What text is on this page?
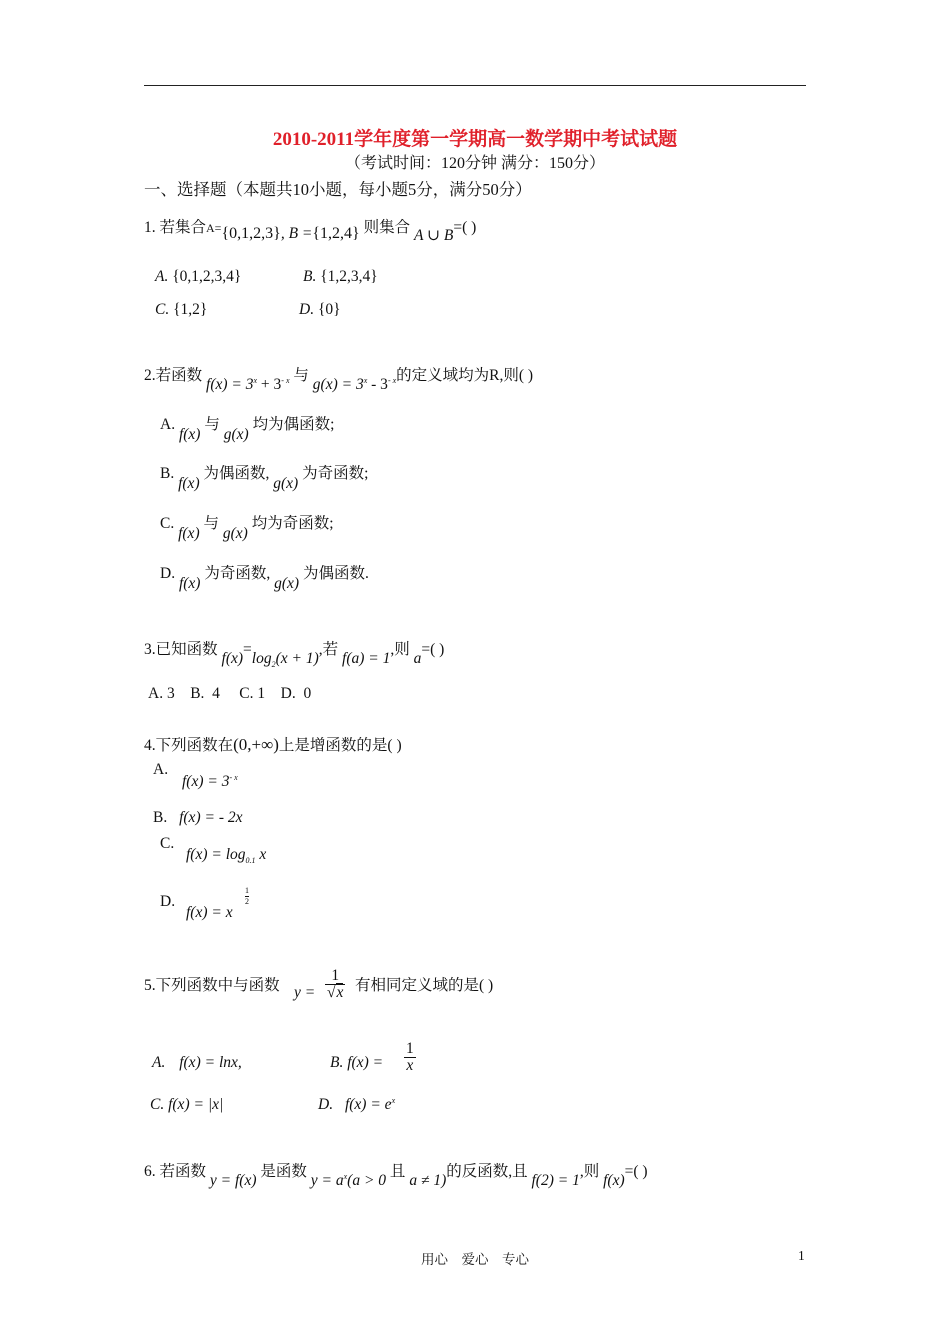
2010-2011学年度第一学期高一数学期中考试试题
（考试时间：120分钟 满分：150分）
一、选择题（本题共10小题，每小题5分，满分50分）
1. 若集合A={0,1,2,3}, B ={1,2,4} 则集合 A ∪ B=( )
A. {0,1,2,3,4}	B. {1,2,3,4}
C. {1,2}	D. {0}
2.若函数 $f(x) = 3^x + 3^{- x}$ 与 $g(x) = 3^x - 3^{- x}$的定义域均为R,则( )
A. f(x) 与 g(x) 均为偶函数;
B. f(x) 为偶函数, g(x) 为奇函数;
C. f(x) 与 g(x) 均为奇函数;
D. f(x) 为奇函数, g(x) 为偶函数.
3.已知函数 $f(x)=\log_2(x + 1)$,若 f(a) = 1,则 a=( )
A. 3    B.  4     C. 1    D.  0
4.下列函数在(0,+∞)上是增函数的是( )
A.
$f(x) = 3^{- x}$
B. f(x) = - 2x
C.
$f(x) = \log_{0.1} x$
D.
f(x) = x
$\frac{1}{2}$
5.下列函数中与函数 $y = \frac{1}{√x}$ 有相同定义域的是( )
A. f(x) = lnx,	B. $f(x) = \frac{1}{x}$
C. f(x) = |x|	D. $f(x) = e^x$
6. 若函数 y = f(x) 是函数 $y = a^x(a > 0$ 且 a ≠ 1)的反函数,且 f(2) = 1,则 f(x)=( )
用心    爱心    专心	1
